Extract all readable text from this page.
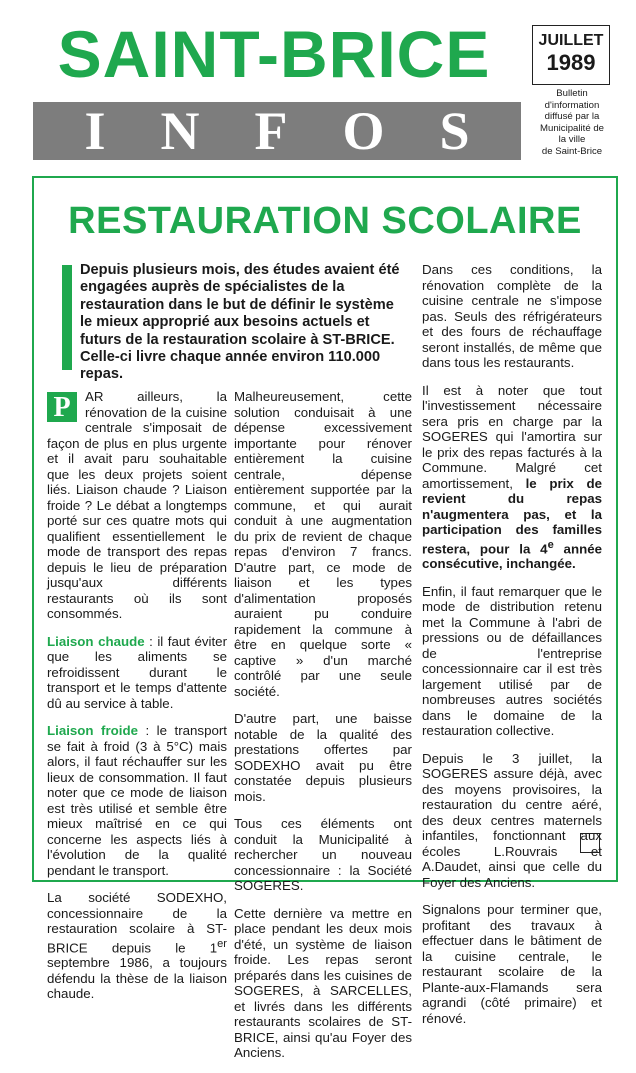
SAINT-BRICE
I N F O S
JUILLET
1989
Bulletin
d'information
diffusé par la
Municipalité de
la ville
de Saint-Brice
RESTAURATION SCOLAIRE
Depuis plusieurs mois, des études avaient été engagées auprès de spécialistes de la restauration dans le but de définir le système le mieux approprié aux besoins actuels et futurs de la restauration scolaire à ST-BRICE. Celle-ci livre chaque année environ 110.000 repas.

P	AR ailleurs, la rénovation de la cuisine centrale s'imposait de façon de plus en plus urgente et il avait paru souhaitable que les deux projets soient liés. Liaison chaude ? Liaison froide ? Le débat a longtemps porté sur ces quatre mots qui qualifient essentiellement le mode de transport des repas depuis le lieu de préparation jusqu'aux différents restaurants où ils sont consommés.

Liaison chaude : il faut éviter que les aliments se refroidissent durant le transport et le temps d'attente dû au service à table.

Liaison froide : le transport se fait à froid (3 à 5°C) mais alors, il faut réchauffer sur les lieux de consommation. Il faut noter que ce mode de liaison est très utilisé et semble être mieux maîtrisé en ce qui concerne les aspects liés à l'évolution de la qualité pendant le transport.

La société SODEXHO, concessionnaire de la restauration scolaire à ST-BRICE depuis le 1er septembre 1986, a toujours défendu la thèse de la liaison chaude.

Malheureusement, cette solution conduisait à une dépense excessivement importante pour rénover entièrement la cuisine centrale, dépense entièrement supportée par la commune, et qui aurait conduit à une augmentation du prix de revient de chaque repas d'environ 7 francs. D'autre part, ce mode de liaison et les types d'alimentation proposés auraient pu conduire rapidement la commune à être en quelque sorte « captive » d'un marché contrôlé par une seule société.

D'autre part, une baisse notable de la qualité des prestations offertes par SODEXHO avait pu être constatée depuis plusieurs mois.

Tous ces éléments ont conduit la Municipalité à rechercher un nouveau concessionnaire : la Société SOGERES.

Cette dernière va mettre en place pendant les deux mois d'été, un système de liaison froide. Les repas seront préparés dans les cuisines de SOGERES, à SARCELLES, et livrés dans les différents restaurants scolaires de ST-BRICE, ainsi qu'au Foyer des Anciens.

Dans ces conditions, la rénovation complète de la cuisine centrale ne s'impose pas. Seuls des réfrigérateurs et des fours de réchauffage seront installés, de même que dans tous les restaurants.

Il est à noter que tout l'investissement nécessaire sera pris en charge par la SOGERES qui l'amortira sur le prix des repas facturés à la Commune. Malgré cet amortissement, le prix de revient du repas n'augmentera pas, et la participation des familles restera, pour la 4e année consécutive, inchangée.

Enfin, il faut remarquer que le mode de distribution retenu met la Commune à l'abri de pressions ou de défaillances de l'entreprise concessionnaire car il est très largement utilisé par de nombreuses autres sociétés dans le domaine de la restauration collective.

Depuis le 3 juillet, la SOGERES assure déjà, avec des moyens provisoires, la restauration du centre aéré, des deux centres maternels infantiles, fonctionnant aux écoles L.Rouvrais et A.Daudet, ainsi que celle du Foyer des Anciens.

Signalons pour terminer que, profitant des travaux à effectuer dans le bâtiment de la cuisine centrale, le restaurant scolaire de la Plante-aux-Flamands sera agrandi (côté primaire) et rénové.
